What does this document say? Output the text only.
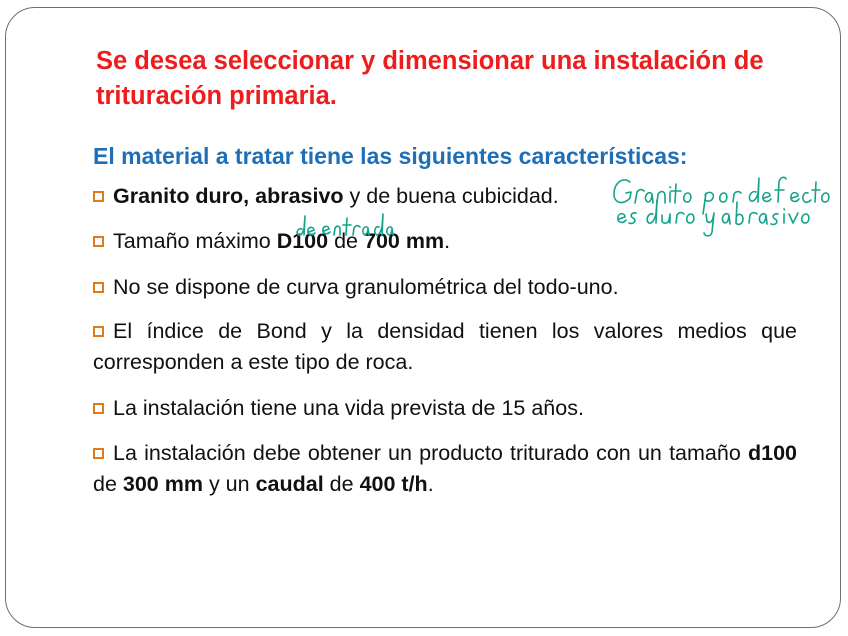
Se desea seleccionar y dimensionar una instalación de trituración primaria.
El material a tratar tiene las siguientes características:
Granito duro, abrasivo y de buena cubicidad.
Tamaño máximo D100 de 700 mm.
No se dispone de curva granulométrica del todo-uno.
El índice de Bond y la densidad tienen los valores medios que corresponden a este tipo de roca.
La instalación tiene una vida prevista de 15 años.
La instalación debe obtener un producto triturado con un tamaño d100 de 300 mm y un caudal de 400 t/h.
